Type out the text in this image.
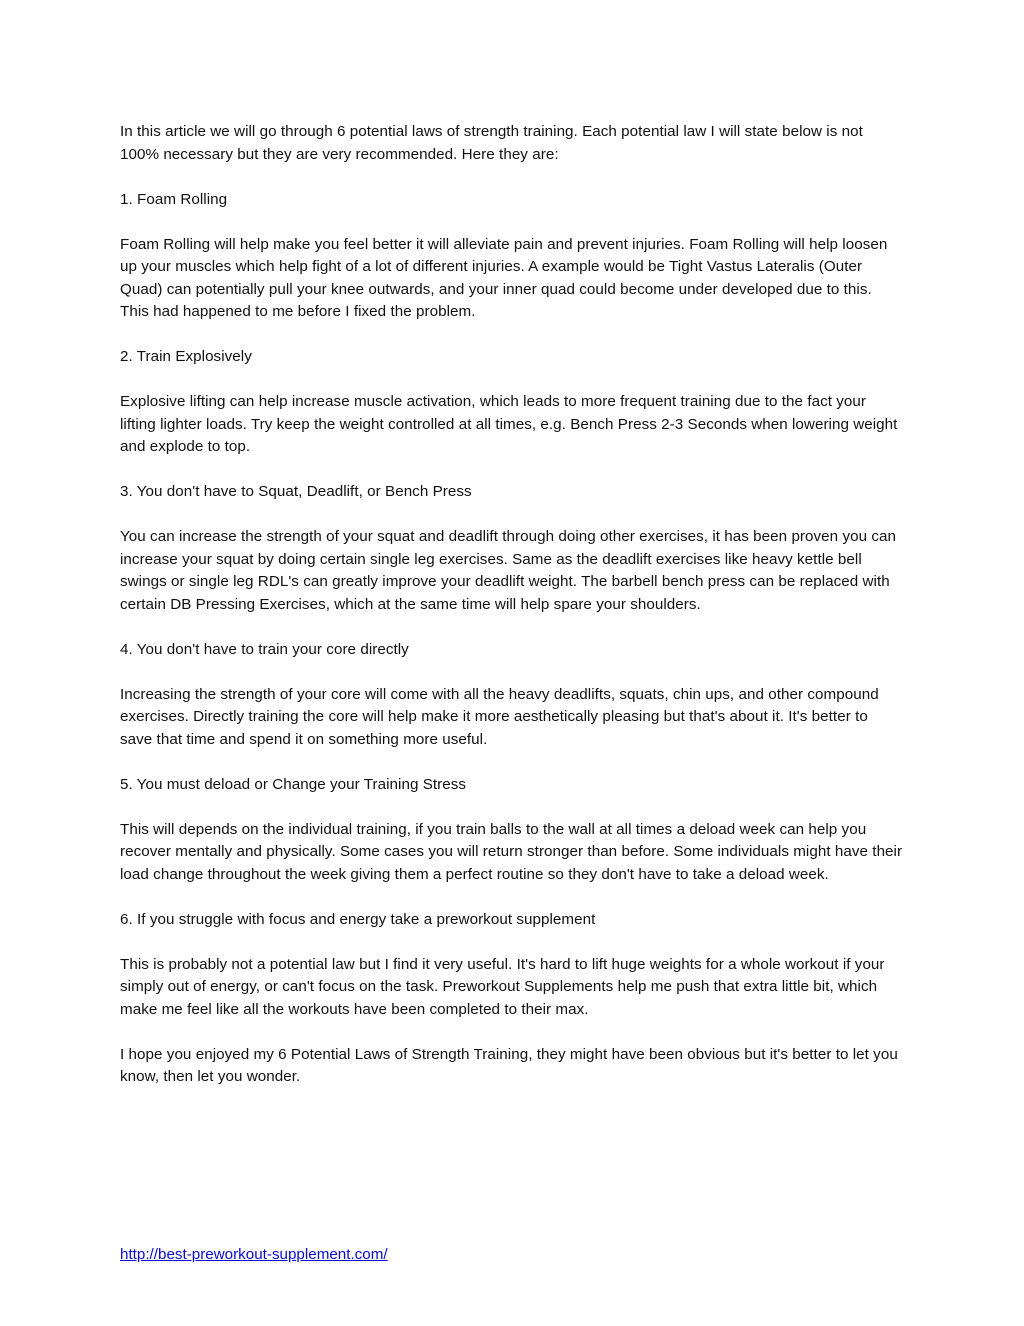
In this article we will go through 6 potential laws of strength training. Each potential law I will state below is not 100% necessary but they are very recommended. Here they are:

1. Foam Rolling

Foam Rolling will help make you feel better it will alleviate pain and prevent injuries. Foam Rolling will help loosen up your muscles which help fight of a lot of different injuries. A example would be Tight Vastus Lateralis (Outer Quad) can potentially pull your knee outwards, and your inner quad could become under developed due to this. This had happened to me before I fixed the problem.

2. Train Explosively

Explosive lifting can help increase muscle activation, which leads to more frequent training due to the fact your lifting lighter loads. Try keep the weight controlled at all times, e.g. Bench Press 2-3 Seconds when lowering weight and explode to top.

3. You don't have to Squat, Deadlift, or Bench Press

You can increase the strength of your squat and deadlift through doing other exercises, it has been proven you can increase your squat by doing certain single leg exercises. Same as the deadlift exercises like heavy kettle bell swings or single leg RDL's can greatly improve your deadlift weight. The barbell bench press can be replaced with certain DB Pressing Exercises, which at the same time will help spare your shoulders.

4. You don't have to train your core directly

Increasing the strength of your core will come with all the heavy deadlifts, squats, chin ups, and other compound exercises. Directly training the core will help make it more aesthetically pleasing but that's about it. It's better to save that time and spend it on something more useful.

5. You must deload or Change your Training Stress

This will depends on the individual training, if you train balls to the wall at all times a deload week can help you recover mentally and physically. Some cases you will return stronger than before. Some individuals might have their load change throughout the week giving them a perfect routine so they don't have to take a deload week.

6. If you struggle with focus and energy take a preworkout supplement

This is probably not a potential law but I find it very useful. It's hard to lift huge weights for a whole workout if your simply out of energy, or can't focus on the task. Preworkout Supplements help me push that extra little bit, which make me feel like all the workouts have been completed to their max.

I hope you enjoyed my 6 Potential Laws of Strength Training, they might have been obvious but it's better to let you know, then let you wonder.

http://best-preworkout-supplement.com/
